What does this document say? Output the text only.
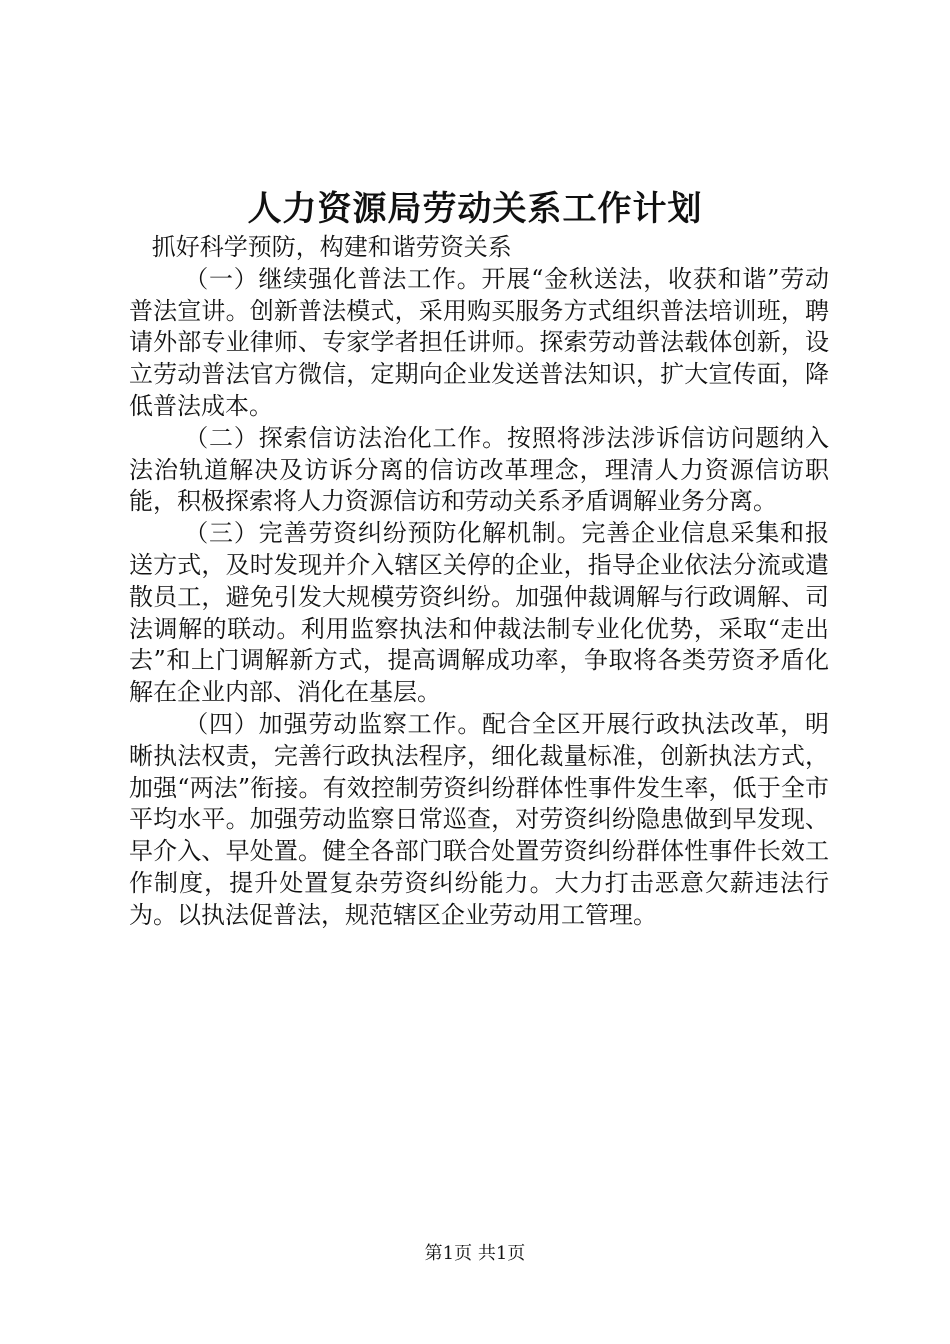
人力资源局劳动关系工作计划

抓好科学预防，构建和谐劳资关系

（一）继续强化普法工作。开展“金秋送法，收获和谐”劳动普法宣讲。创新普法模式，采用购买服务方式组织普法培训班，聘请外部专业律师、专家学者担任讲师。探索劳动普法载体创新，设立劳动普法官方微信，定期向企业发送普法知识，扩大宣传面，降低普法成本。

（二）探索信访法治化工作。按照将涉法涉诉信访问题纳入法治轨道解决及访诉分离的信访改革理念，理清人力资源信访职能，积极探索将人力资源信访和劳动关系矛盾调解业务分离。

（三）完善劳资纠纷预防化解机制。完善企业信息采集和报送方式，及时发现并介入辖区关停的企业，指导企业依法分流或遣散员工，避免引发大规模劳资纠纷。加强仲裁调解与行政调解、司法调解的联动。利用监察执法和仲裁法制专业化优势，采取“走出去”和上门调解新方式，提高调解成功率，争取将各类劳资矛盾化解在企业内部、消化在基层。

（四）加强劳动监察工作。配合全区开展行政执法改革，明晰执法权责，完善行政执法程序，细化裁量标准，创新执法方式，加强“两法”衔接。有效控制劳资纠纷群体性事件发生率，低于全市平均水平。加强劳动监察日常巡查，对劳资纠纷隐患做到早发现、早介入、早处置。健全各部门联合处置劳资纠纷群体性事件长效工作制度，提升处置复杂劳资纠纷能力。大力打击恶意欠薪违法行为。以执法促普法，规范辖区企业劳动用工管理。

第1页 共1页
